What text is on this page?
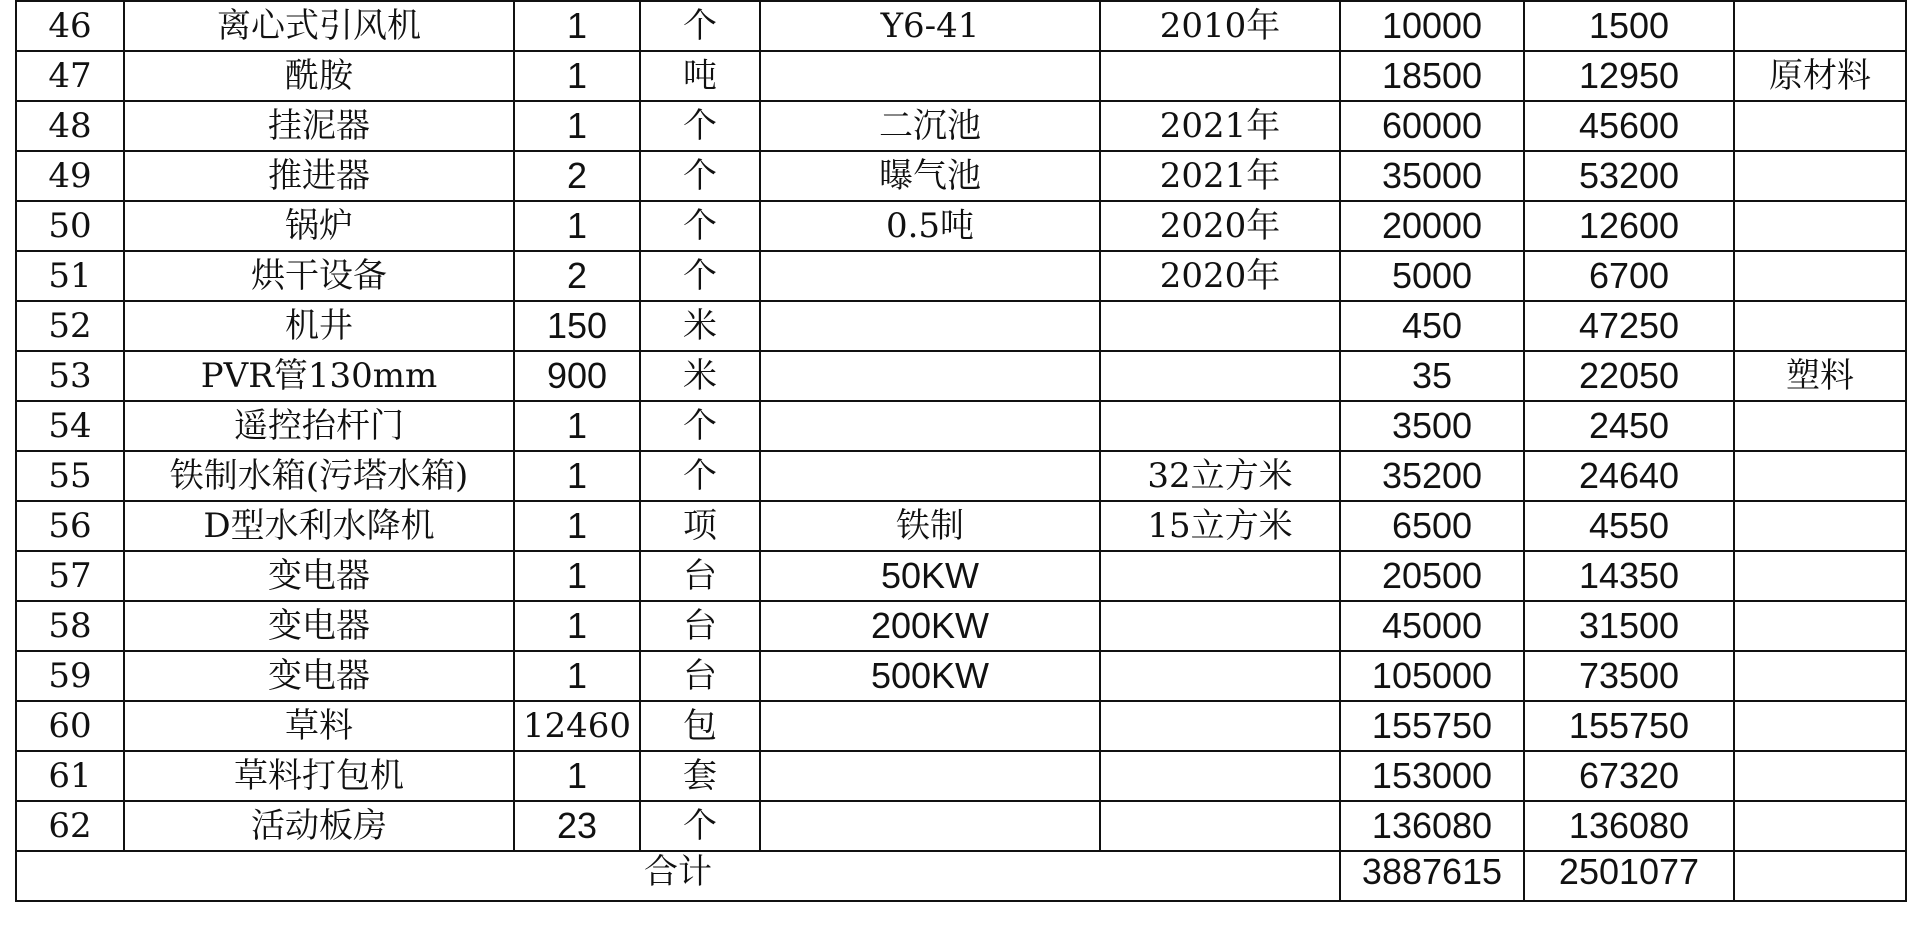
46	离心式引风机	1	个	Y6-41	2010年	10000	1500	
47	酰胺	1	吨			18500	12950	原材料
48	挂泥器	1	个	二沉池	2021年	60000	45600	
49	推进器	2	个	曝气池	2021年	35000	53200	
50	锅炉	1	个	0.5吨	2020年	20000	12600	
51	烘干设备	2	个		2020年	5000	6700	
52	机井	150	米			450	47250	
53	PVR管130mm	900	米			35	22050	塑料
54	遥控抬杆门	1	个			3500	2450	
55	铁制水箱(污塔水箱)	1	个		32立方米	35200	24640	
56	D型水利水降机	1	项	铁制	15立方米	6500	4550	
57	变电器	1	台	50KW		20500	14350	
58	变电器	1	台	200KW		45000	31500	
59	变电器	1	台	500KW		105000	73500	
60	草料	12460	包			155750	155750	
61	草料打包机	1	套			153000	67320	
62	活动板房	23	个			136080	136080	
合计						3887615	2501077	
